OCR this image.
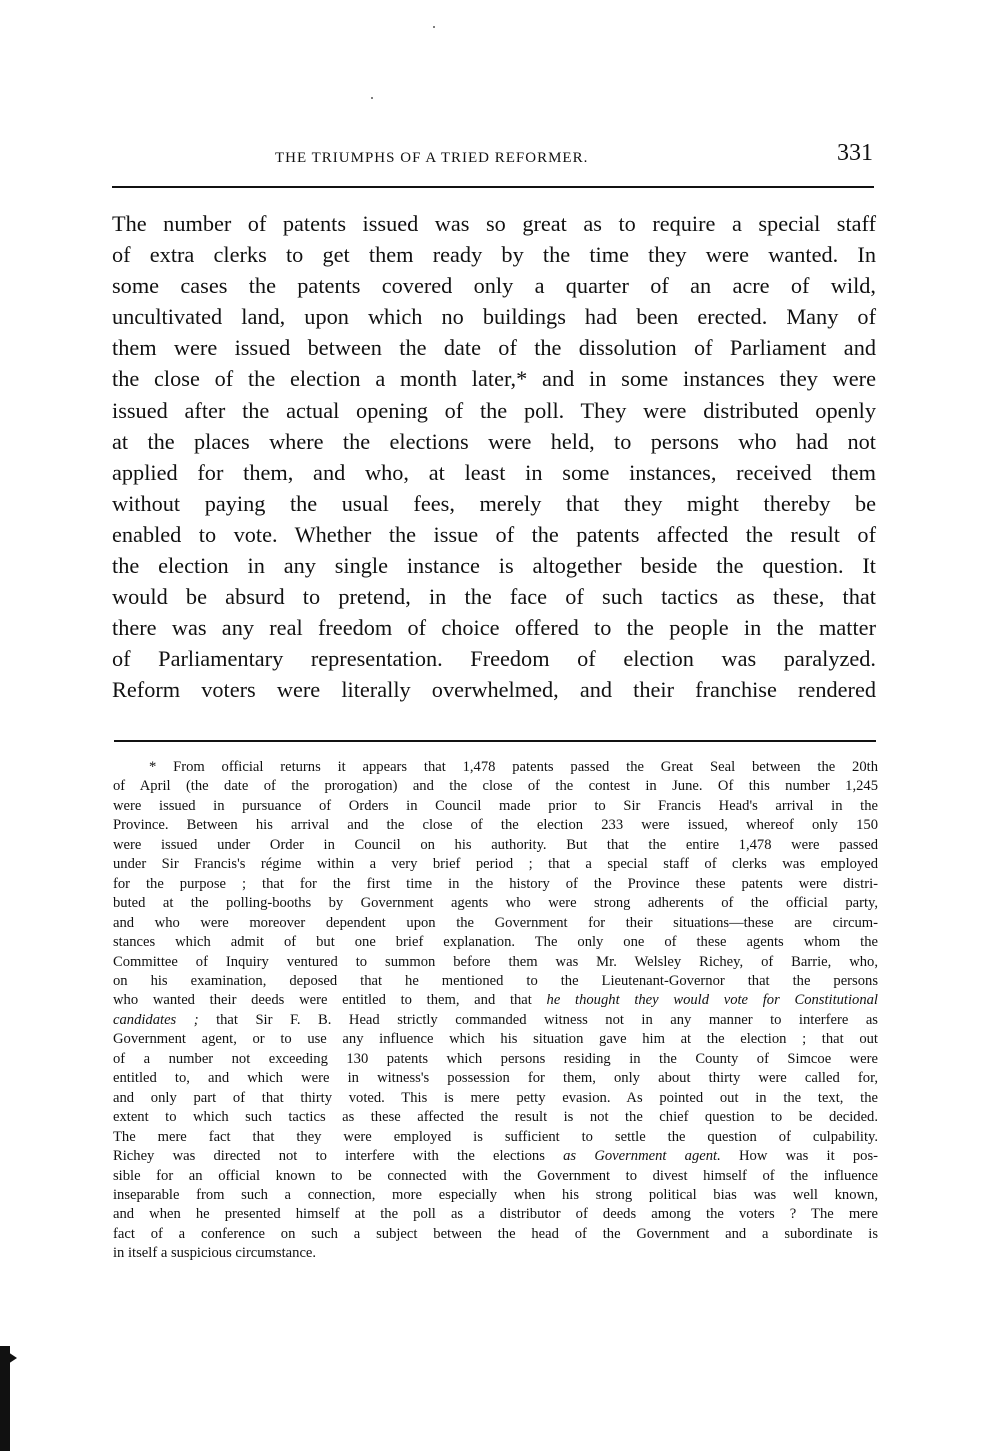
THE TRIUMPHS OF A TRIED REFORMER.	331
The number of patents issued was so great as to require a special staff
of extra clerks to get them ready by the time they were wanted. In
some cases the patents covered only a quarter of an acre of wild,
uncultivated land, upon which no buildings had been erected. Many of
them were issued between the date of the dissolution of Parliament and
the close of the election a month later,* and in some instances they were
issued after the actual opening of the poll. They were distributed openly
at the places where the elections were held, to persons who had not
applied for them, and who, at least in some instances, received them
without paying the usual fees, merely that they might thereby be
enabled to vote. Whether the issue of the patents affected the result of
the election in any single instance is altogether beside the question. It
would be absurd to pretend, in the face of such tactics as these, that
there was any real freedom of choice offered to the people in the matter
of Parliamentary representation. Freedom of election was paralyzed.
Reform voters were literally overwhelmed, and their franchise rendered
* From official returns it appears that 1,478 patents passed the Great Seal between the 20th
of April (the date of the prorogation) and the close of the contest in June. Of this number 1,245
were issued in pursuance of Orders in Council made prior to Sir Francis Head's arrival in the
Province. Between his arrival and the close of the election 233 were issued, whereof only 150
were issued under Order in Council on his authority. But that the entire 1,478 were passed
under Sir Francis's régime within a very brief period ; that a special staff of clerks was employed
for the purpose ; that for the first time in the history of the Province these patents were distri-
buted at the polling-booths by Government agents who were strong adherents of the official party,
and who were moreover dependent upon the Government for their situations—these are circum-
stances which admit of but one brief explanation. The only one of these agents whom the
Committee of Inquiry ventured to summon before them was Mr. Welsley Richey, of Barrie, who,
on his examination, deposed that he mentioned to the Lieutenant-Governor that the persons
who wanted their deeds were entitled to them, and that he thought they would vote for Constitutional
candidates ; that Sir F. B. Head strictly commanded witness not in any manner to interfere as
Government agent, or to use any influence which his situation gave him at the election ; that out
of a number not exceeding 130 patents which persons residing in the County of Simcoe were
entitled to, and which were in witness's possession for them, only about thirty were called for,
and only part of that thirty voted. This is mere petty evasion. As pointed out in the text, the
extent to which such tactics as these affected the result is not the chief question to be decided.
The mere fact that they were employed is sufficient to settle the question of culpability.
Richey was directed not to interfere with the elections as Government agent. How was it pos-
sible for an official known to be connected with the Government to divest himself of the influence
inseparable from such a connection, more especially when his strong political bias was well known,
and when he presented himself at the poll as a distributor of deeds among the voters ? The mere
fact of a conference on such a subject between the head of the Government and a subordinate is
in itself a suspicious circumstance.
